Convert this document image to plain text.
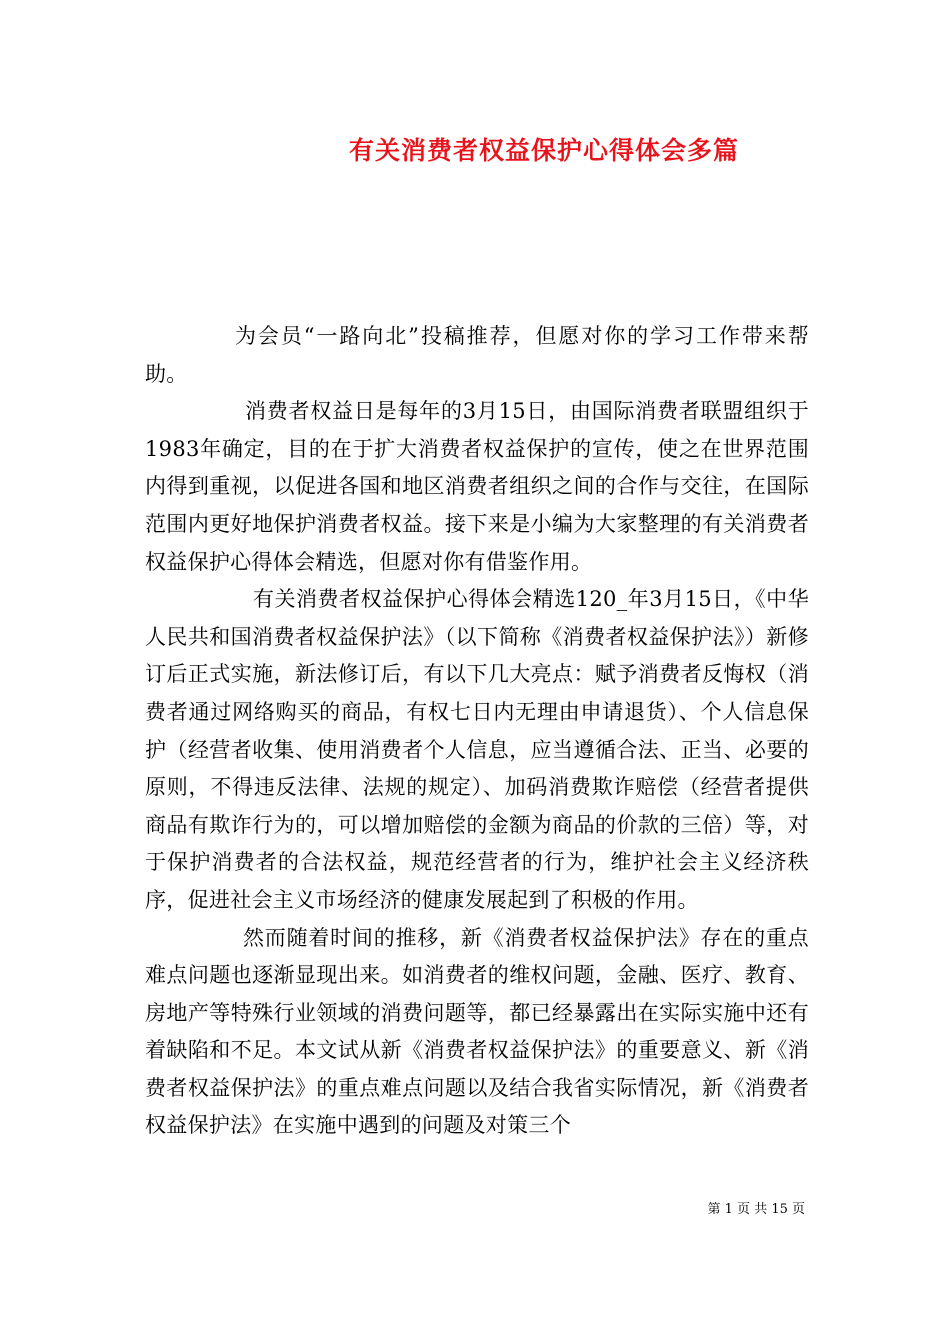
有关消费者权益保护心得体会多篇

为会员“一路向北”投稿推荐，但愿对你的学习工作带来帮助。

消费者权益日是每年的3月15日，由国际消费者联盟组织于1983年确定，目的在于扩大消费者权益保护的宣传，使之在世界范围内得到重视，以促进各国和地区消费者组织之间的合作与交往，在国际范围内更好地保护消费者权益。接下来是小编为大家整理的有关消费者权益保护心得体会精选，但愿对你有借鉴作用。

有关消费者权益保护心得体会精选120_年3月15日，《中华人民共和国消费者权益保护法》（以下简称《消费者权益保护法》）新修订后正式实施，新法修订后，有以下几大亮点：赋予消费者反悔权（消费者通过网络购买的商品，有权七日内无理由申请退货）、个人信息保护（经营者收集、使用消费者个人信息，应当遵循合法、正当、必要的原则，不得违反法律、法规的规定）、加码消费欺诈赔偿（经营者提供商品有欺诈行为的，可以增加赔偿的金额为商品的价款的三倍）等，对于保护消费者的合法权益，规范经营者的行为，维护社会主义经济秩序，促进社会主义市场经济的健康发展起到了积极的作用。

然而随着时间的推移，新《消费者权益保护法》存在的重点难点问题也逐渐显现出来。如消费者的维权问题，金融、医疗、教育、房地产等特殊行业领域的消费问题等，都已经暴露出在实际实施中还有着缺陷和不足。本文试从新《消费者权益保护法》的重要意义、新《消费者权益保护法》的重点难点问题以及结合我省实际情况，新《消费者权益保护法》在实施中遇到的问题及对策三个

第 1 页 共 15 页
